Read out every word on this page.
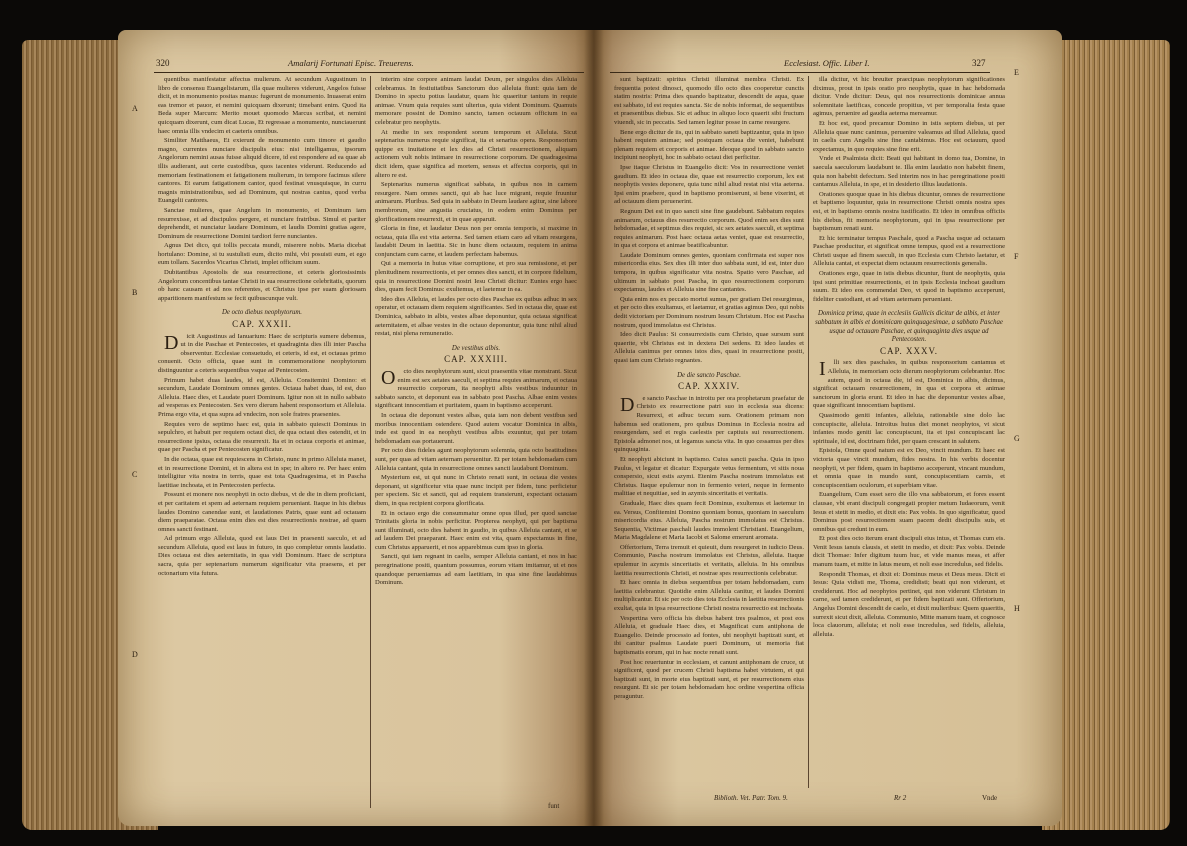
320	Amalarij Fortunati Episc. Treuerens.
A
B
C
D

quentibus manifestatur affectus mulierum. At secundum Augustinum in libro de consensu Euangelistarum, illa quae mulieres viderunt, Angelos fuisse dicit, et in monumento positas manus: fugerunt de monumento. Inuaserat enim eas tremor et pauor, et nemini quicquam dixerunt; timebant enim. Quod ita Beda super Marcum: Merito mouet quomodo Marcus scribat, et nemini quicquam dixerunt, cum dicat Lucas, Et regressae a monumento, nunciauerunt haec omnia illis vndecim et caeteris omnibus.

Similiter Matthaeus, Et exierunt de monumento cum timore et gaudio magno, currentes nunciare discipulis eius: nisi intelligamus, ipsorum Angelorum nemini ausas fuisse aliquid dicere, id est respondere ad ea quae ab illis audierant, aut certe custodibus, quos iacentes viderunt. Reducendo ad memoriam festinationem et fatigationem mulierum, in tempore facimus silere cantores. Et earum fatigationem cantor, quod festinat vnusquisque, in curru magnis ministrationibus, sed ad Dominum, qui nostras cantus, quod verba Euangelii cantores.

Sanctae mulieres, quae Angelum in monumento, et Dominum iam resurrexisse, et ad discipulos pergere, et nunciare fratribus. Simul et pariter deprehendit, et nunciatur laudare Dominum, et laudis Domini gratias agere, Dominum de resurrectione Domini tardiori ferre nunciantes.

Agnus Dei dico, qui tollis peccata mundi, miserere nobis. Maria dicebat hortulano: Domine, si tu sustulisti eum, dicito mihi, vbi posuisti eum, et ego eum tollam. Sacerdos Vicarius Christi, implet officium suum.

Dubitantibus Apostolis de sua resurrectione, et ceteris gloriosissimis Angelorum concentibus tantae Christi in sua resurrectione celebritatis, quorum ob hanc causam et ad nos referentes, et Christus ipse per suam gloriosam apparitionem manifestum se fecit quibuscunque vult.

De octo diebus neophytorum.

CAP. XXXII.

Dicit Augustinus ad Ianuarium: Haec de scripturis sumere debemus, ut in die Paschae et Pentecostes, et quadraginta dies illi inter Pascha observentur. Ecclesiae consuetudo, et ceteris, id est, et octauas primo conuenit. Octo officia, quae sunt in commemoratione neophytorum distinguuntur a ceteris sequentibus vsque ad Pentecosten.

Primum habet duas laudes, id est, Alleluia. Consitemini Domino: et secundum, Laudate Dominum omnes gentes. Octaua habet duas, id est, duo Alleluia. Haec dies, et Laudate pueri Dominum. Igitur non sit in nullo sabbato ad vesperas ex Pentecosten. Sex vero dierum habent responsorium et Alleluia. Prima ergo vita, et qua supra ad vndecim, non sole fratres praesentes.

Requies vero de septimo haec est, quia in sabbato quiescit Dominus in sepulchro, et habuit per requiem octaui dici, de qua octaui dies ostendit, et in resurrectione ipsius, octaua die resurrexit. Ita et in octaua corporis et animae, quae per Pascha et per Pentecosten significatur.

In die octaua, quae est requiescens in Christo, nunc in primo Alleluia manet, et in resurrectione Domini, et in altera est in spe; in altero re. Per haec enim intelligitur vita nostra in terris, quae est tota Quadragesima, et in Pascha laetitiae inchoata, et in Pentecosten perfecta.

Possunt et monere nos neophyti in octo diebus, vt de die in diem proficiant, et per caritatem et spem ad aeternam requiem perueniant. Itaque in his diebus laudes Domino canendae sunt, et laudationes Patris, quae sunt ad octauam diem praeparatae. Octaua enim dies est dies resurrectionis nostrae, ad quam omnes sancti festinant.

Ad primum ergo Alleluia, quod est laus Dei in praesenti saeculo, et ad secundum Alleluia, quod est laus in futuro, in quo completur omnis laudatio. Dies octaua est dies aeternitatis, in qua vidi Dominum. Haec de scriptura sacra, quia per septenarium numerum significatur vita praesens, et per octonarium vita futura.

interim sine corpore animam laudat Deum, per singulos dies Alleluia celebramus. In festiuitatibus Sanctorum duo alleluia fiunt: quia iam de Domino in spectu potius laudatur, quam hic quaeritur tantum in requie animae. Vnum quia requies sunt ulterius, quia vident Dominum. Quamuis memorare possint de Domino sancto, tamen octauum officium in ea celebratur pro neophytis.

At medie in sex respondent sorum temporum et Alleluia. Sicut septenarius numerus requie significat, ita et senarius opera. Responsorium quippe ex inuitatione et lex dies ad Christi resurrectionem, aliquam actionem vult nobis intimare in resurrectione corporum. De quadragesima dicit idem, quae significa ad mortem, sensus et affectus corporis, qui in altero re est.

Septenarius numerus significat sabbata, in quibus nos in carnem resurgere. Nam omnes sancti, qui ab hac luce migrant, requie fruuntur animarum. Pluribus. Sed quia in sabbato in Deum laudare agitur, sine labore membrorum, sine angustia cruciatus, in eodem enim Dominus per glorificationem resurrexit, et in quae apparuit.

Gloria in fine, et laudatur Deus non per omnia temporis, si maxime in octaua, quia illa est vita aeterna. Sed tamen etiam caro ad vitam resurgens, laudabit Deum in laetitia. Sic in hunc diem octauum, requiem in anima conjunctam cum carne, et laudem perfectam habemus.

Qui a memoria in huius vitae corruptione, et pro sua remissione, et per plenitudinem resurrectionis, et per omnes dies sancti, et in corpore fidelium, quia in resurrectione Domini nostri Iesu Christi dicitur: Euntes ergo haec dies, quam fecit Dominus: exultemus, et laetemur in ea.

Ideo dies Alleluia, et laudes per octo dies Paschae ex quibus adhuc in sex operatur, et octauam diem requiem significantes. Sed in octaua die, quae est Dominica, sabbato in albis, vestes albae deponuntur, quia octaua significat aeternitatem, et albae vestes in die octauo deponuntur, quia tunc nihil aliud restat, nisi plena remuneratio.

De vestibus albis.

CAP. XXXIII.

Octo dies neophytorum sunt, sicut praesentis vitae monstrant. Sicut enim est sex aetates saeculi, et septima requies animarum, et octaua resurrectio corporum, ita neophyti albis vestibus induuntur in sabbato sancto, et deponunt eas in sabbato post Pascha. Albae enim vestes significant innocentiam et puritatem, quam in baptismo acceperunt.

In octaua die deponunt vestes albas, quia iam non debent vestibus sed moribus innocentiam ostendere. Quod autem vocatur Dominica in albis, inde est quod in ea neophyti vestibus albis exuuntur, qui per totam hebdomadam eas portauerunt.

Per octo dies fideles agunt neophytorum solemnia, quia octo beatitudines sunt, per quas ad vitam aeternam peruenitur. Et per totam hebdomadam cum Alleluia cantant, quia in resurrectione omnes sancti laudabunt Dominum.

Mysterium est, ut qui nunc in Christo renati sunt, in octaua die vestes deponant, ut significetur vita quae nunc incipit per fidem, tunc perficietur per speciem. Sic et sancti, qui ad requiem transierunt, expectant octauam diem, in qua recipient corpora glorificata.

Et in octauo ergo die consummatur omne opus illud, per quod sanctae Trinitatis gloria in nobis perficitur. Propterea neophyti, qui per baptisma sunt illuminati, octo dies habent in gaudio, in quibus Alleluia cantant, et se ad laudem Dei praeparant. Haec enim est vita, quam expectamus in fine, cum Christus apparuerit, et nos apparebimus cum ipso in gloria.

Sancti, qui iam regnant in caelis, semper Alleluia cantant, et nos in hac peregrinatione positi, quantum possumus, eorum vitam imitamur, ut et nos quandoque perueniamus ad eam laetitiam, in qua sine fine laudabimus Dominum.

funt
Ecclesiast. Offic. Liber I.	327
E
F
G
H

sunt baptizati: spiritus Christi illuminat membra Christi. Ex frequentia potest dinosci, quomodo illo octo dies cooperetur cunctis statim nostris: Prima dies quando baptizatur, descendit de aqua, quae est sabbato, id est requies sancta. Sic de nobis informat, de sequentibus et praesentibus diebus. Sic et adhuc in aliquo loco quaerit sibi fructum viuendi, sic in peccatis. Sed tamen legitur posse in carne resurgere.

Bene ergo dicitur de iis, qui in sabbato saneti baptizantur, quia in ipso habent requiem animae; sed postquam octaua die veniet, habebunt plenam requiem et corporis et animae. Ideoque quod in sabbato sancto incipiunt neophyti, hoc in sabbato octaui diei perficitur.

Ipse itaque Christus in Euangelio dicit: Vos in resurrectione veniet gaudium. Et ideo in octaua die, quae est resurrectio corporum, lex est neophytis vestes deponere, quia tunc nihil aliud restat nisi vita aeterna. Ipsi enim praebere, quod in baptismo promiserunt, si bene vixerint, et ad octauum diem peruenerint.

Regnum Dei est in quo sancti sine fine gaudebunt. Sabbatum requies animarum, octauus dies resurrectio corporum. Quod enim sex dies sunt hebdomadae, et septimus dies requiei, sic sex aetates saeculi, et septima requies animarum. Post haec octaua aetas veniet, quae est resurrectio, in qua et corpora et animae beatificabuntur.

Laudate Dominum omnes gentes, quoniam confirmata est super nos misericordia eius. Sex dies illi inter duo sabbata sunt, id est, inter duo tempora, in quibus significatur vita nostra. Spatio vero Paschae, ad ultimum in sabbato post Pascha, in quo resurrectionem corporum expectamus, laudes et Alleluia sine fine cantantes.

Quia enim nos ex peccato mortui sumus, per gratiam Dei resurgimus, et per octo dies exultamus, et laetamur, et gratias agimus Deo, qui nobis dedit victoriam per Dominum nostrum Iesum Christum. Hoc est Pascha nostrum, quod immolatus est Christus.

Ideo dicit Paulus: Si consurrexistis cum Christo, quae sursum sunt quaerite, vbi Christus est in dextera Dei sedens. Et ideo laudes et Alleluia canimus per omnes istos dies, quasi in resurrectione positi, quasi iam cum Christo regnantes.

De die sancto Paschae.

CAP. XXXIV.

De sancto Paschae in introitu per ora prophetarum praefatur de Christo ex resurrectione patri suo in ecclesia sua dicens: Resurrexi, et adhuc tecum sum. Orationem primam non habemus sed orationem, pro quibus Dominus in Ecclesia nostra ad resurgendam, sed et regis caelestis per captiuis sui resurrectionem. Epistola admonet nos, ut legamus sancta vita. In quo cessamus per dies quinquaginta.

Et neophyti abiciunt in baptismo. Cuius sancti pascha. Quia in ipso Paulus, vt legatur et dicatur: Expurgate vetus fermentum, vt sitis noua conspersio, sicut estis azymi. Etenim Pascha nostrum immolatus est Christus. Itaque epulemur non in fermento veteri, neque in fermento malitiae et nequitiae, sed in azymis sinceritatis et veritatis.

Graduale, Haec dies quam fecit Dominus, exultemus et laetemur in ea. Versus, Confitemini Domino quoniam bonus, quoniam in saeculum misericordia eius. Alleluia, Pascha nostrum immolatus est Christus. Sequentia, Victimae paschali laudes immolent Christiani. Euangelium, Maria Magdalene et Maria Iacobi et Salome emerunt aromata.

Offertorium, Terra tremuit et quieuit, dum resurgeret in iudicio Deus. Communio, Pascha nostrum immolatus est Christus, alleluia. Itaque epulemur in azymis sinceritatis et veritatis, alleluia. In his omnibus laetitia resurrectionis Christi, et nostrae spes resurrectionis celebratur.

Et haec omnia in diebus sequentibus per totam hebdomadam, cum laetitia celebrantur. Quotidie enim Alleluia canitur, et laudes Domini multiplicantur. Et sic per octo dies tota Ecclesia in laetitia resurrectionis exultat, quia in ipsa resurrectione Christi nostra resurrectio est inchoata.

Vespertina vero officia his diebus habent tres psalmos, et post eos Alleluia, et graduale Haec dies, et Magnificat cum antiphona de Euangelio. Deinde processio ad fontes, ubi neophyti baptizati sunt, et ibi canitur psalmus Laudate pueri Dominum, ut memoria fiat baptismatis eorum, qui in hac nocte renati sunt.

Post hoc reuertuntur in ecclesiam, et canunt antiphonam de cruce, ut significent, quod per crucem Christi baptisma habet virtutem, et qui baptizati sunt, in morte eius baptizati sunt, et per resurrectionem eius resurgunt. Et sic per totam hebdomadam hoc ordine vespertina officia peraguntur.

illa dicitur, vt hic breuiter praecipuas neophytorum significationes diximus, prout in ipsis oratio pro neophytis, quae in hac hebdomada dicitur. Vnde dicitur: Deus, qui nos resurrectionis dominicae annua solemnitate laetificas, concede propitius, vt per temporalia festa quae agimus, peruenire ad gaudia aeterna mereamur.

Et hoc est, quod precamur Domino in istis septem diebus, ut per Alleluia quae nunc canimus, peruenire valeamus ad illud Alleluia, quod in caelis cum Angelis sine fine cantabimus. Hoc est octauum, quod expectamus, in quo requies sine fine erit.

Vnde et Psalmista dicit: Beati qui habitant in domo tua, Domine, in saecula saeculorum laudabunt te. Illa enim laudatio non habebit finem, quia non habebit defectum. Sed interim nos in hac peregrinatione positi cantamus Alleluia, in spe, et in desiderio illius laudationis.

Orationes quoque quae in his diebus dicuntur, omnes de resurrectione et baptismo loquuntur, quia in resurrectione Christi omnis nostra spes est, et in baptismo omnis nostra iustificatio. Et ideo in omnibus officiis his diebus, fit memoria neophytorum, qui in ipsa resurrectione per baptismum renati sunt.

Et hic terminatur tempus Paschale, quod a Pascha usque ad octauam Paschae producitur, et significat omne tempus, quod est a resurrectione Christi usque ad finem saeculi, in quo Ecclesia cum Christo laetatur, et Alleluia cantat, et expectat diem octauum resurrectionis generalis.

Orationes ergo, quae in istis diebus dicuntur, fiunt de neophytis, quia ipsi sunt primitiae resurrectionis, et in ipsis Ecclesia inchoat gaudium suum. Et ideo eos commendat Deo, vt quod in baptismo acceperunt, fideliter custodiant, et ad vitam aeternam perueniant.

Dominica prima, quae in ecclesiis Gallicis dicitur de albis, et inter sabbatum in albis et dominicam quinquagesimae, a sabbato Paschae usque ad octauam Paschae, et quinquaginta dies usque ad Pentecosten.

CAP. XXXV.

Illi sex dies paschales, in quibus responsorium cantamus et Alleluia, in memoriam octo dierum neophytorum celebrantur. Hoc autem, quod in octaua die, id est, Dominica in albis, dicimus, significat octauam resurrectionem, in qua et corpora et animae sanctorum in gloria erunt. Et ideo in hac die deponuntur vestes albae, quae significant innocentiam baptismi.

Quasimodo geniti infantes, alleluia, rationabile sine dolo lac concupiscite, alleluia. Introitus huius diei monet neophytos, vt sicut infantes modo geniti lac concupiscunt, ita et ipsi concupiscant lac spirituale, id est, doctrinam fidei, per quam crescant in salutem.

Epistola, Omne quod natum est ex Deo, vincit mundum. Et haec est victoria quae vincit mundum, fides nostra. In his verbis docentur neophyti, vt per fidem, quam in baptismo acceperunt, vincant mundum, et omnia quae in mundo sunt, concupiscentiam carnis, et concupiscentiam oculorum, et superbiam vitae.

Euangelium, Cum esset sero die illo vna sabbatorum, et fores essent clausae, vbi erant discipuli congregati propter metum Iudaeorum, venit Iesus et stetit in medio, et dixit eis: Pax vobis. In quo significatur, quod Dominus post resurrectionem suam pacem dedit discipulis suis, et omnibus qui credunt in eum.

Et post dies octo iterum erant discipuli eius intus, et Thomas cum eis. Venit Iesus ianuis clausis, et stetit in medio, et dixit: Pax vobis. Deinde dicit Thomae: Infer digitum tuum huc, et vide manus meas, et affer manum tuam, et mitte in latus meum, et noli esse incredulus, sed fidelis.

Respondit Thomas, et dixit ei: Dominus meus et Deus meus. Dicit ei Iesus: Quia vidisti me, Thoma, credidisti; beati qui non viderunt, et crediderunt. Hoc ad neophytos pertinet, qui non viderunt Christum in carne, sed tamen crediderunt, et per fidem baptizati sunt. Offertorium, Angelus Domini descendit de caelo, et dixit mulieribus: Quem quaeritis, surrexit sicut dixit, alleluia. Communio, Mitte manum tuam, et cognosce loca clauorum, alleluia; et noli esse incredulus, sed fidelis, alleluia, alleluia.

Biblioth. Vet. Patr. Tom. 9.	Rr 2	Vnde
